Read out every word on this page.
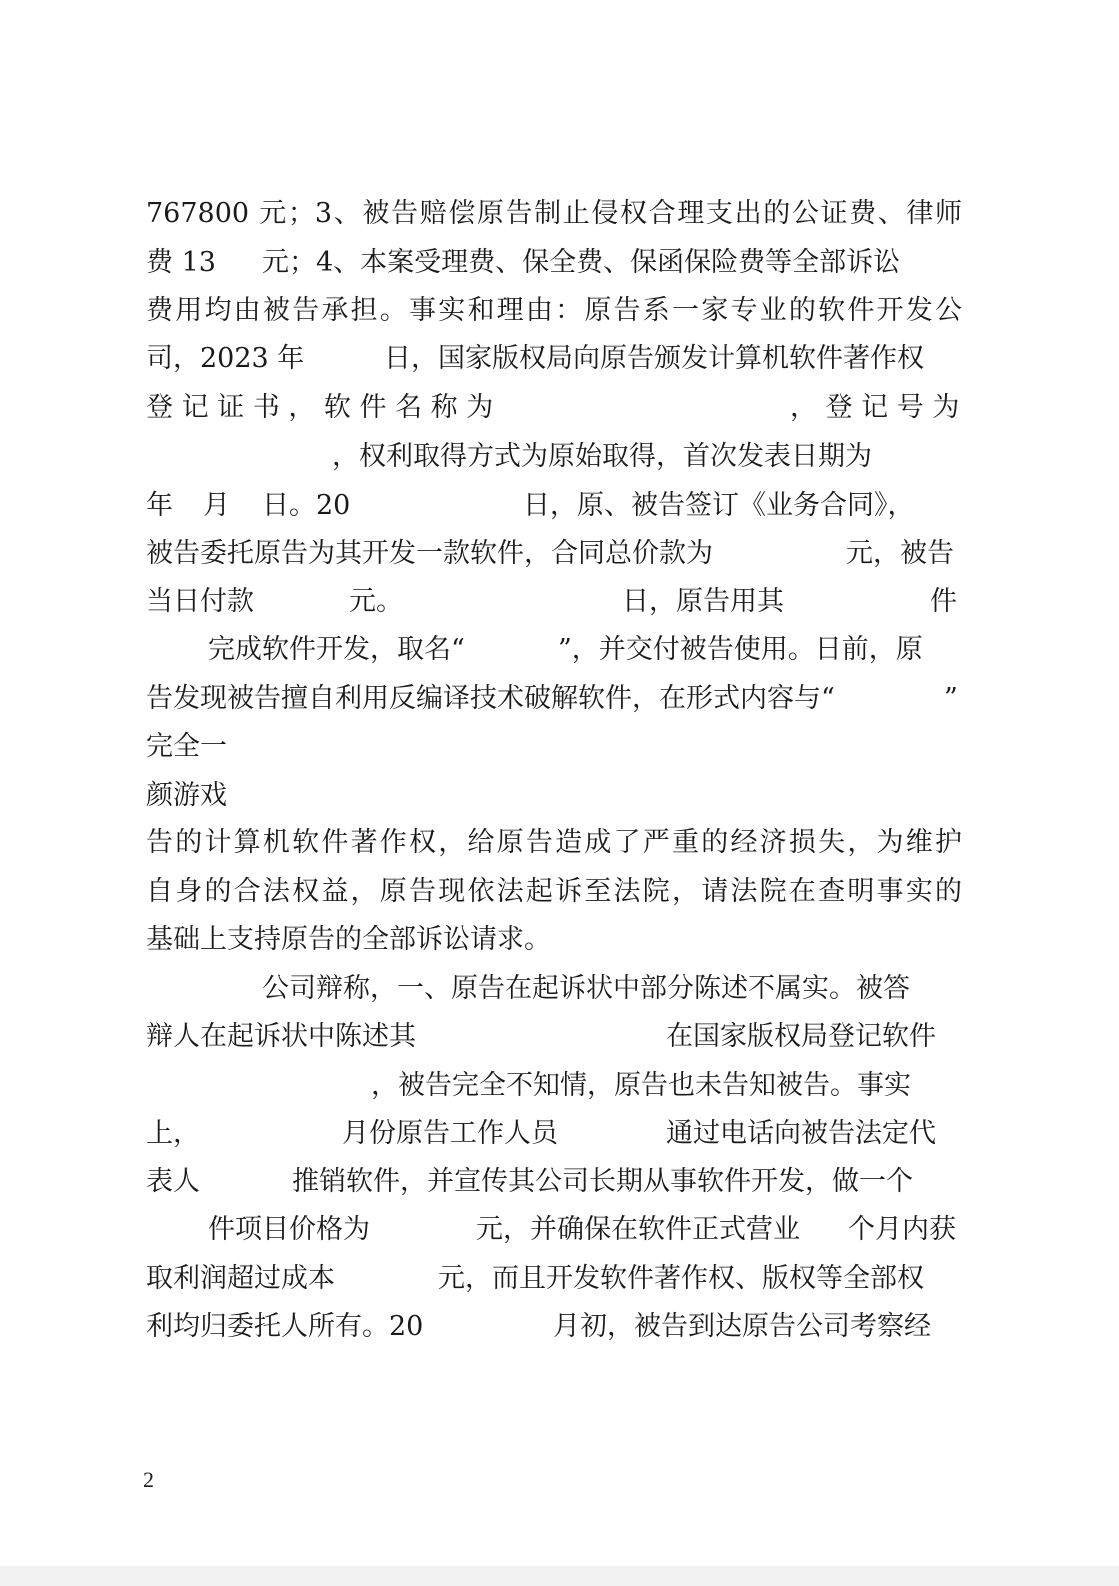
767800 元；3、被告赔偿原告制止侵权合理支出的公证费、律师
费 13 元；4、本案受理费、保全费、保函保险费等全部诉讼
费用均由被告承担。事实和理由：原告系一家专业的软件开发公
司，2023 年	日，国家版权局向原告颁发计算机软件著作权
登 记 证 书 ， 软 件 名 称 为	， 登 记 号 为
，权利取得方式为原始取得，首次发表日期为
年 月 日。20	日，原、被告签订《业务合同》，
被告委托原告为其开发一款软件，合同总价款为	元，被告
当日付款	元。	日，原告用其	件
完成软件开发，取名“	”，并交付被告使用。日前，原
告发现被告擅自利用反编译技术破解软件，在形式内容与“	”
完全一
颜游戏
告的计算机软件著作权，给原告造成了严重的经济损失，为维护
自身的合法权益，原告现依法起诉至法院，请法院在查明事实的
基础上支持原告的全部诉讼请求。
公司辩称，一、原告在起诉状中部分陈述不属实。被答
辩人在起诉状中陈述其	在国家版权局登记软件
，被告完全不知情，原告也未告知被告。事实
上，	月份原告工作人员	通过电话向被告法定代
表人	推销软件，并宣传其公司长期从事软件开发，做一个
件项目价格为	元，并确保在软件正式营业 个月内获
取利润超过成本	元，而且开发软件著作权、版权等全部权
利均归委托人所有。20	月初，被告到达原告公司考察经
2
